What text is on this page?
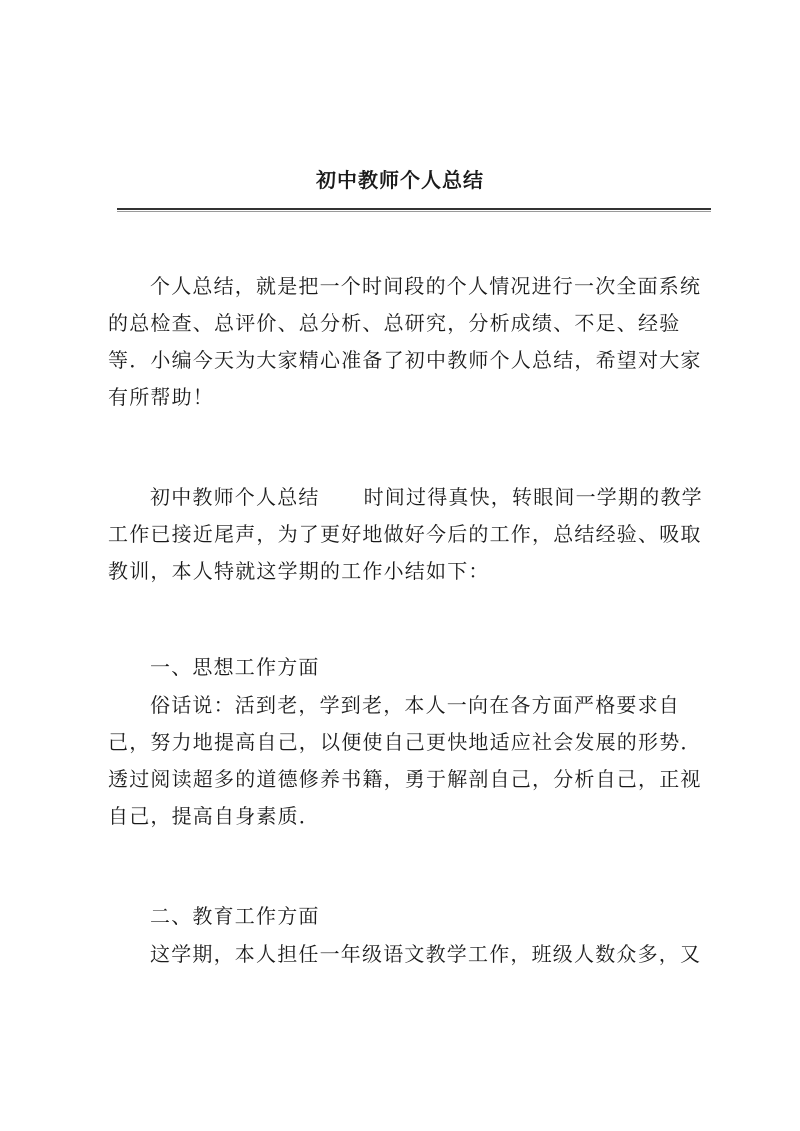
初中教师个人总结

个人总结，就是把一个时间段的个人情况进行一次全面系统的总检查、总评价、总分析、总研究，分析成绩、不足、经验等．小编今天为大家精心准备了初中教师个人总结，希望对大家有所帮助！

初中教师个人总结 时间过得真快，转眼间一学期的教学工作已接近尾声，为了更好地做好今后的工作，总结经验、吸取教训，本人特就这学期的工作小结如下：

一、思想工作方面

俗话说：活到老，学到老，本人一向在各方面严格要求自己，努力地提高自己，以便使自己更快地适应社会发展的形势．透过阅读超多的道德修养书籍，勇于解剖自己，分析自己，正视自己，提高自身素质．

二、教育工作方面

这学期，本人担任一年级语文教学工作，班级人数众多，又
